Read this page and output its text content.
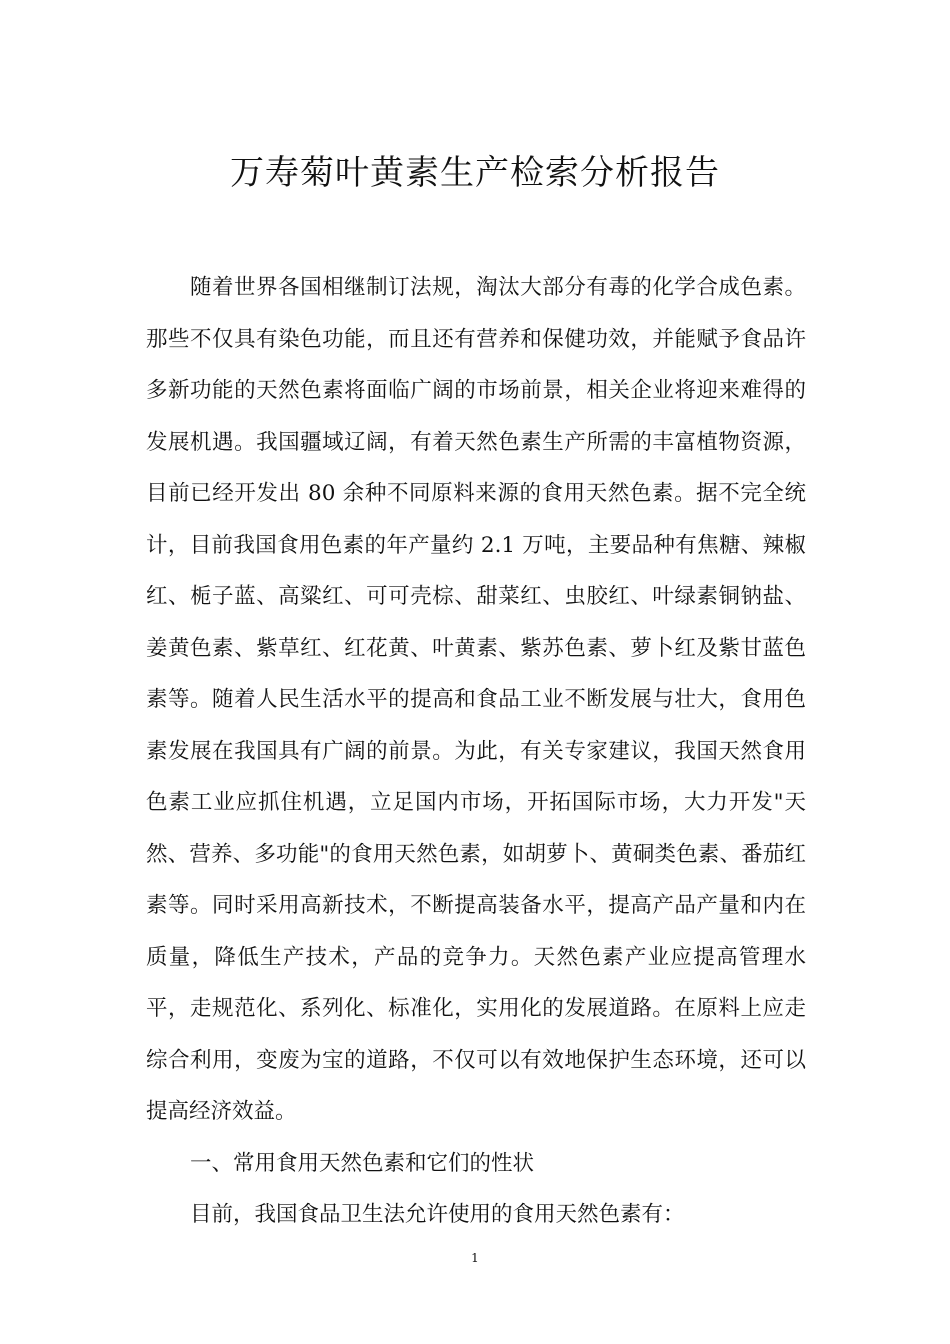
万寿菊叶黄素生产检索分析报告

随着世界各国相继制订法规，淘汰大部分有毒的化学合成色素。那些不仅具有染色功能，而且还有营养和保健功效，并能赋予食品许多新功能的天然色素将面临广阔的市场前景，相关企业将迎来难得的发展机遇。我国疆域辽阔，有着天然色素生产所需的丰富植物资源，目前已经开发出 80 余种不同原料来源的食用天然色素。据不完全统计，目前我国食用色素的年产量约 2.1 万吨，主要品种有焦糖、辣椒红、栀子蓝、高粱红、可可壳棕、甜菜红、虫胶红、叶绿素铜钠盐、姜黄色素、紫草红、红花黄、叶黄素、紫苏色素、萝卜红及紫甘蓝色素等。随着人民生活水平的提高和食品工业不断发展与壮大，食用色素发展在我国具有广阔的前景。为此，有关专家建议，我国天然食用色素工业应抓住机遇，立足国内市场，开拓国际市场，大力开发"天然、营养、多功能"的食用天然色素，如胡萝卜、黄硐类色素、番茄红素等。同时采用高新技术，不断提高装备水平，提高产品产量和内在质量，降低生产技术，产品的竞争力。天然色素产业应提高管理水平，走规范化、系列化、标准化，实用化的发展道路。在原料上应走综合利用，变废为宝的道路，不仅可以有效地保护生态环境，还可以提高经济效益。

一、常用食用天然色素和它们的性状

目前，我国食品卫生法允许使用的食用天然色素有：

1
